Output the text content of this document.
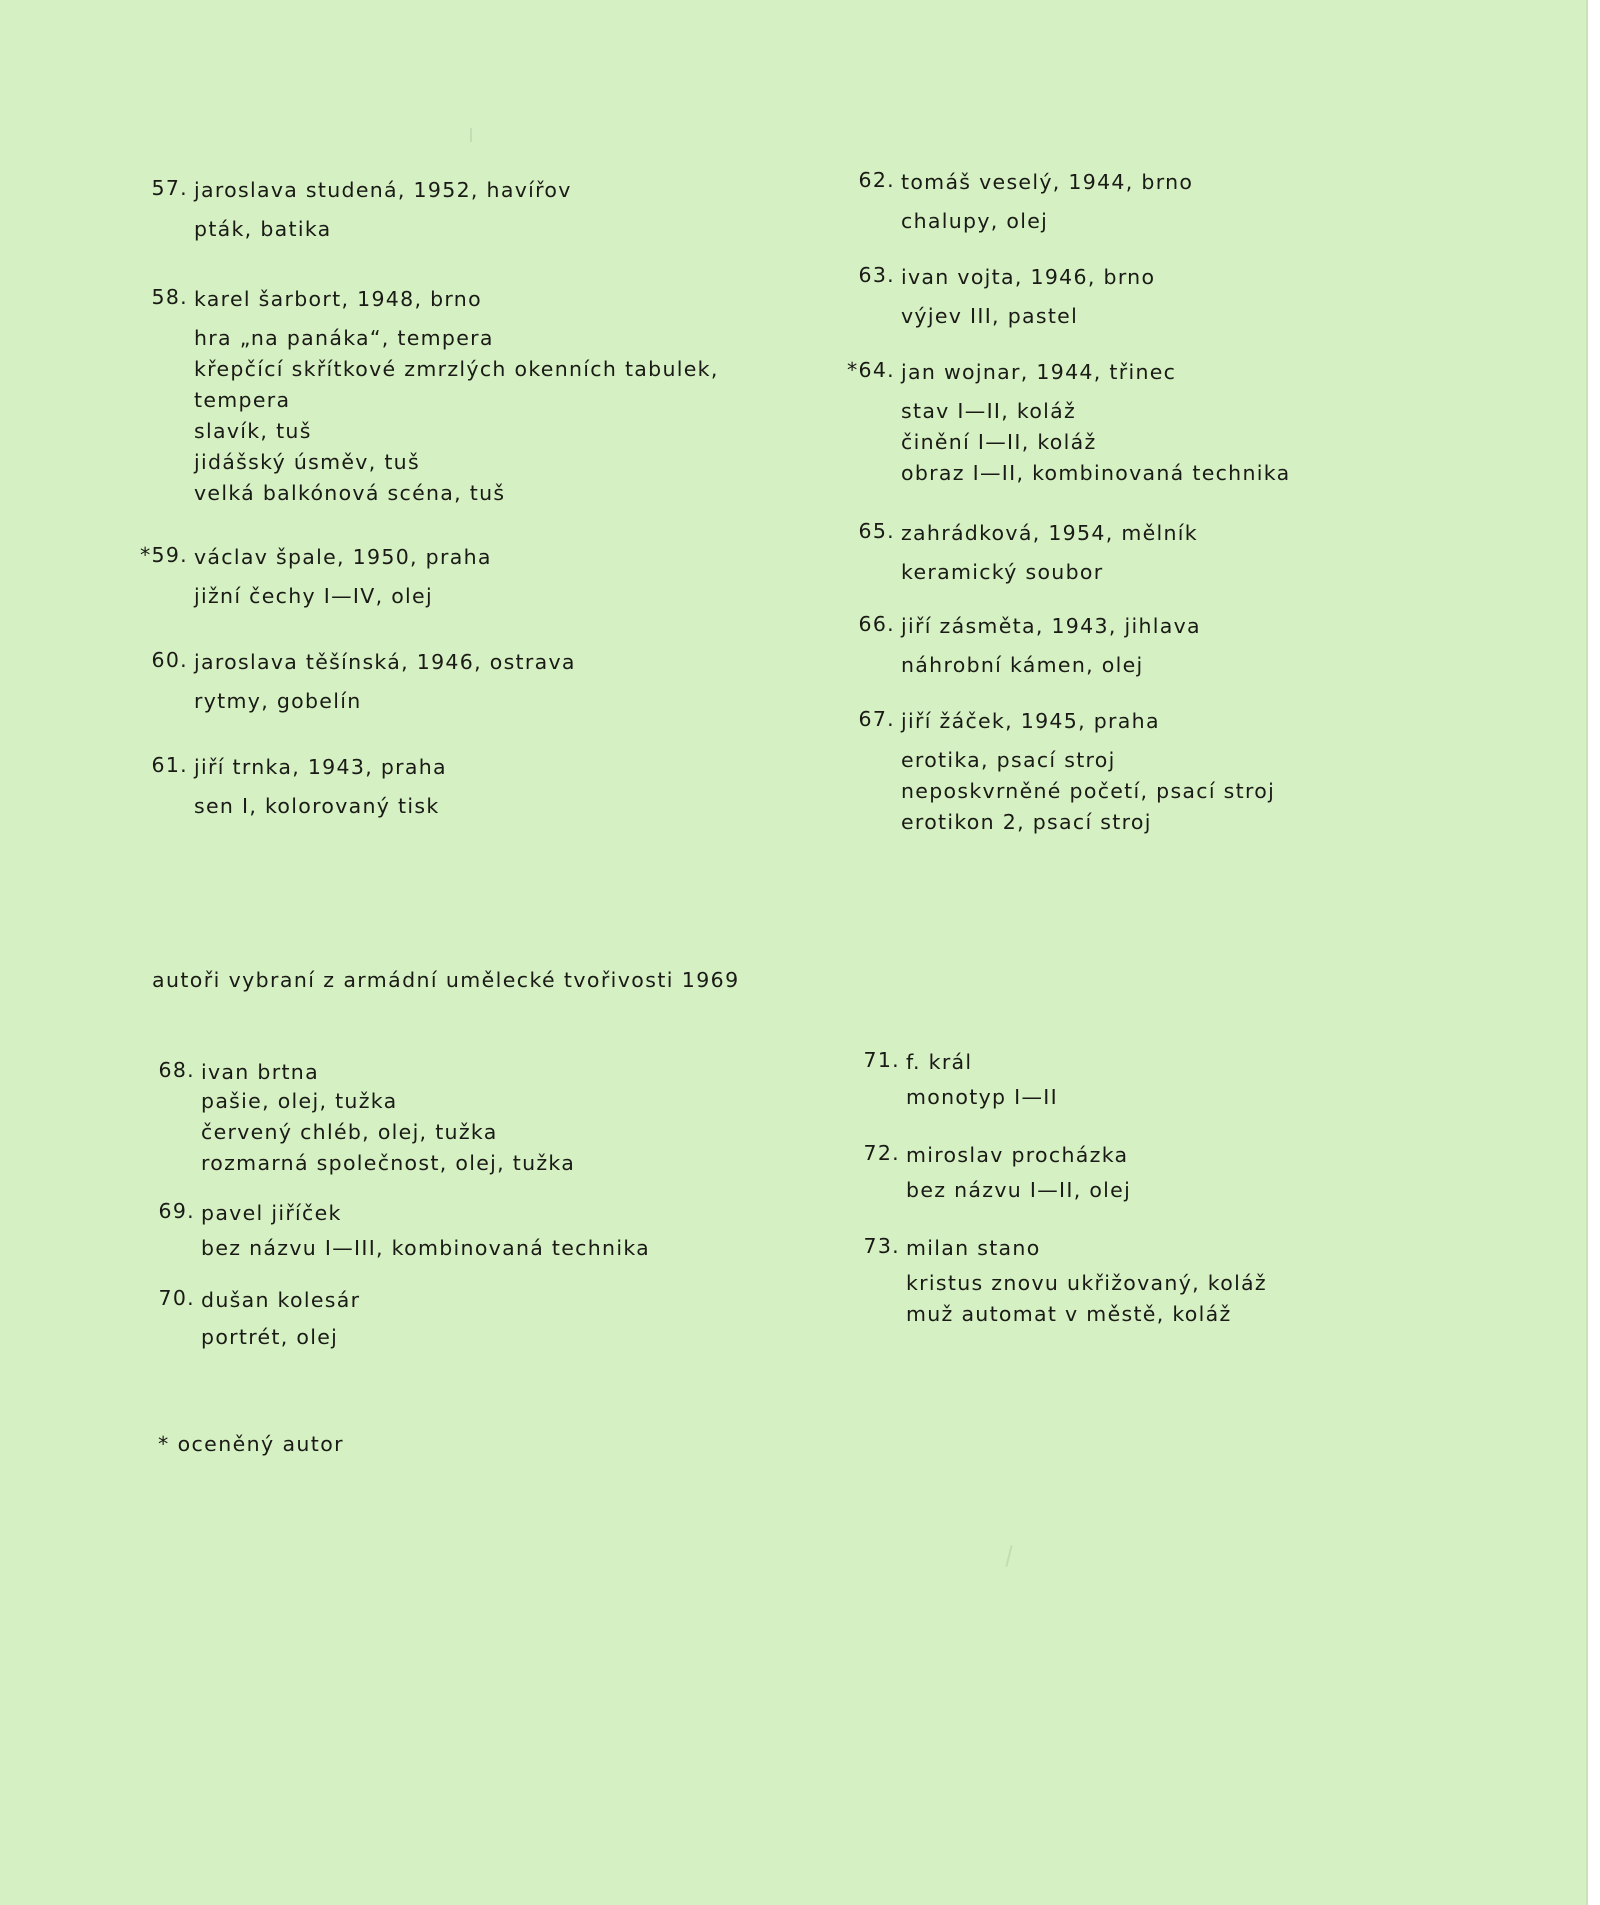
57. jaroslava studená, 1952, havířov
pták, batika
58. karel šarbort, 1948, brno
hra „na panáka“, tempera
křepčící skřítkové zmrzlých okenních tabulek,
tempera
slavík, tuš
jidášský úsměv, tuš
velká balkónová scéna, tuš
*59. václav špale, 1950, praha
jižní čechy I—IV, olej
60. jaroslava těšínská, 1946, ostrava
rytmy, gobelín
61. jiří trnka, 1943, praha
sen I, kolorovaný tisk
62. tomáš veselý, 1944, brno
chalupy, olej
63. ivan vojta, 1946, brno
výjev III, pastel
*64. jan wojnar, 1944, třinec
stav I—II, koláž
činění I—II, koláž
obraz I—II, kombinovaná technika
65. zahrádková, 1954, mělník
keramický soubor
66. jiří zásměta, 1943, jihlava
náhrobní kámen, olej
67. jiří žáček, 1945, praha
erotika, psací stroj
neposkvrněné početí, psací stroj
erotikon 2, psací stroj
autoři vybraní z armádní umělecké tvořivosti 1969
68. ivan brtna
pašie, olej, tužka
červený chléb, olej, tužka
rozmarná společnost, olej, tužka
69. pavel jiříček
bez názvu I—III, kombinovaná technika
70. dušan kolesár
portrét, olej
71. f. král
monotyp I—II
72. miroslav procházka
bez názvu I—II, olej
73. milan stano
kristus znovu ukřižovaný, koláž
muž automat v městě, koláž
* oceněný autor
